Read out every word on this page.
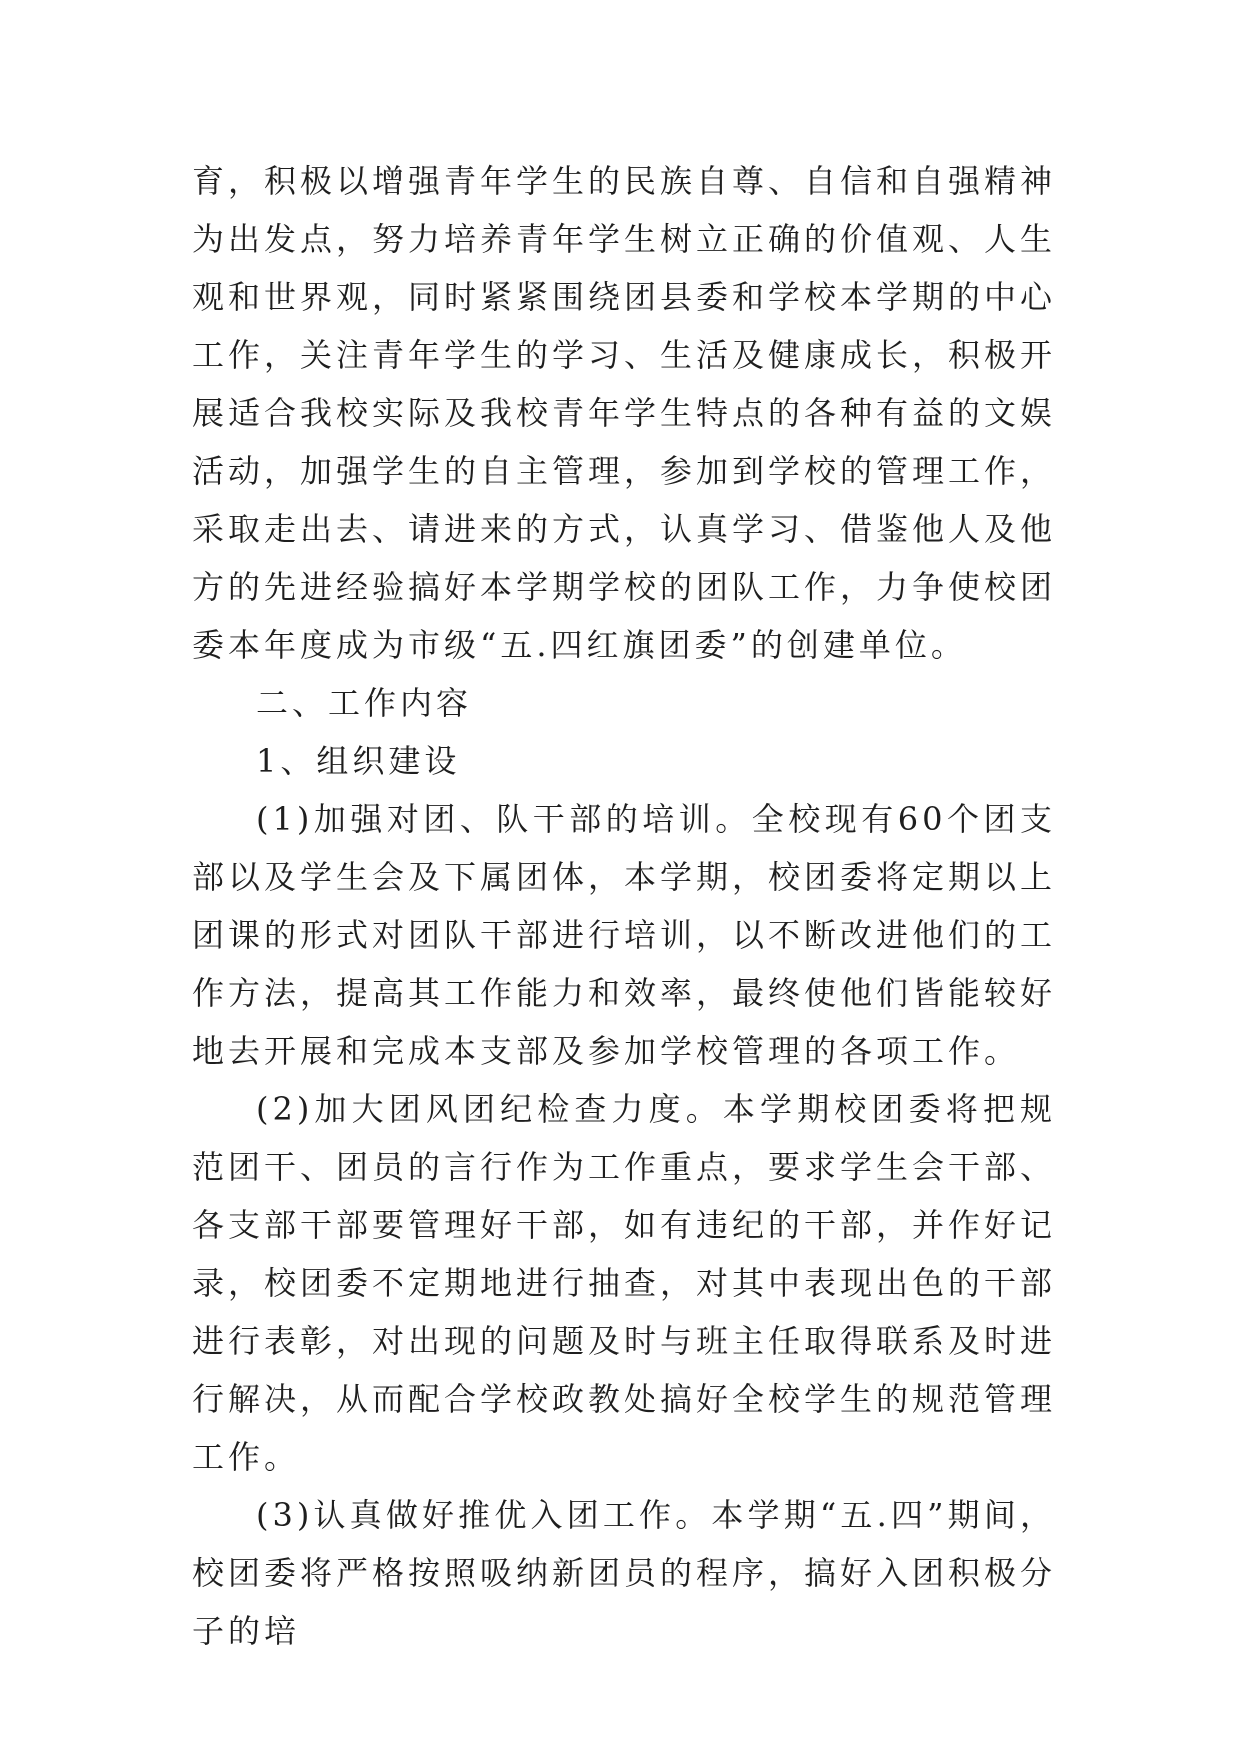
育，积极以增强青年学生的民族自尊、自信和自强精神为出发点，努力培养青年学生树立正确的价值观、人生观和世界观，同时紧紧围绕团县委和学校本学期的中心工作，关注青年学生的学习、生活及健康成长，积极开展适合我校实际及我校青年学生特点的各种有益的文娱活动，加强学生的自主管理，参加到学校的管理工作，采取走出去、请进来的方式，认真学习、借鉴他人及他方的先进经验搞好本学期学校的团队工作，力争使校团委本年度成为市级“五.四红旗团委”的创建单位。

二、工作内容

1、组织建设

(1)加强对团、队干部的培训。全校现有60个团支部以及学生会及下属团体，本学期，校团委将定期以上团课的形式对团队干部进行培训，以不断改进他们的工作方法，提高其工作能力和效率，最终使他们皆能较好地去开展和完成本支部及参加学校管理的各项工作。

(2)加大团风团纪检查力度。本学期校团委将把规范团干、团员的言行作为工作重点，要求学生会干部、各支部干部要管理好干部，如有违纪的干部，并作好记录，校团委不定期地进行抽查，对其中表现出色的干部进行表彰，对出现的问题及时与班主任取得联系及时进行解决，从而配合学校政教处搞好全校学生的规范管理工作。

(3)认真做好推优入团工作。本学期“五.四”期间，校团委将严格按照吸纳新团员的程序，搞好入团积极分子的培
